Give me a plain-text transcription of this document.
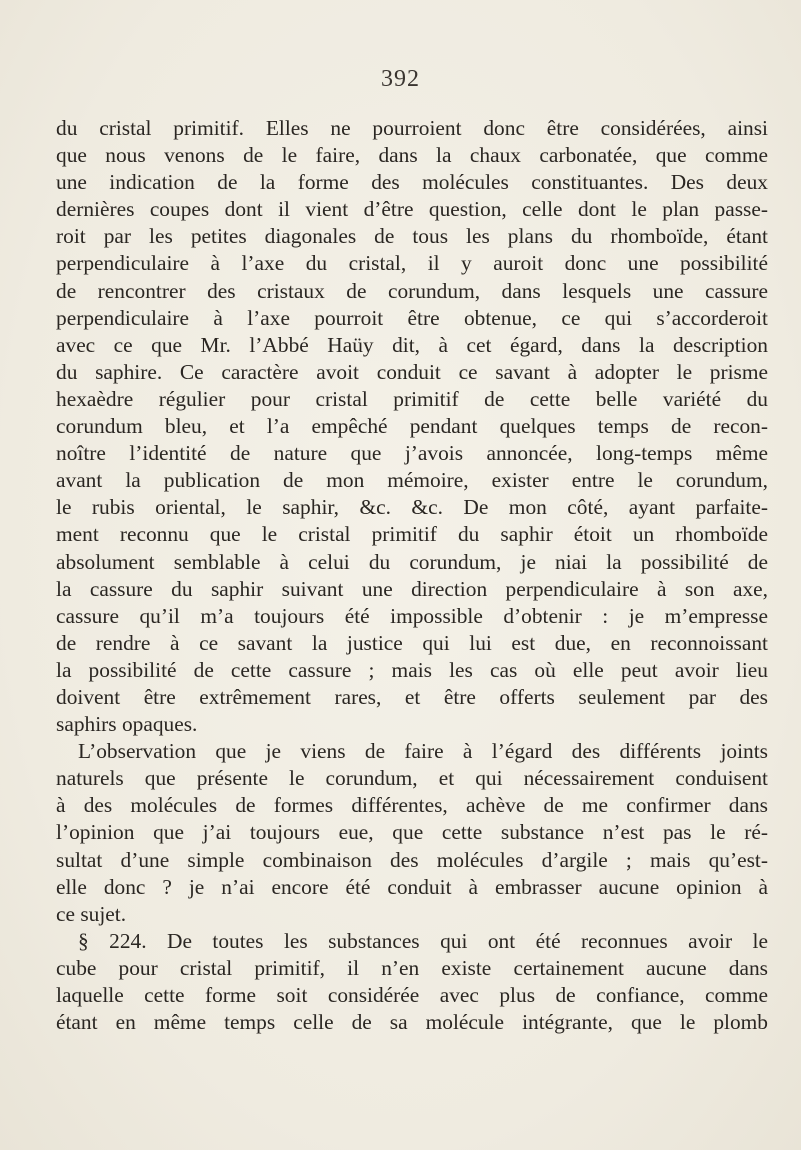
392
du cristal primitif. Elles ne pourroient donc être considérées, ainsi
que nous venons de le faire, dans la chaux carbonatée, que comme
une indication de la forme des molécules constituantes. Des deux
dernières coupes dont il vient d’être question, celle dont le plan passe-
roit par les petites diagonales de tous les plans du rhomboïde, étant
perpendiculaire à l’axe du cristal, il y auroit donc une possibilité
de rencontrer des cristaux de corundum, dans lesquels une cassure
perpendiculaire à l’axe pourroit être obtenue, ce qui s’accorderoit
avec ce que Mr. l’Abbé Haüy dit, à cet égard, dans la description
du saphire. Ce caractère avoit conduit ce savant à adopter le prisme
hexaèdre régulier pour cristal primitif de cette belle variété du
corundum bleu, et l’a empêché pendant quelques temps de recon-
noître l’identité de nature que j’avois annoncée, long-temps même
avant la publication de mon mémoire, exister entre le corundum,
le rubis oriental, le saphir, &c. &c. De mon côté, ayant parfaite-
ment reconnu que le cristal primitif du saphir étoit un rhomboïde
absolument semblable à celui du corundum, je niai la possibilité de
la cassure du saphir suivant une direction perpendiculaire à son axe,
cassure qu’il m’a toujours été impossible d’obtenir : je m’empresse
de rendre à ce savant la justice qui lui est due, en reconnoissant
la possibilité de cette cassure ; mais les cas où elle peut avoir lieu
doivent être extrêmement rares, et être offerts seulement par des
saphirs opaques.
L’observation que je viens de faire à l’égard des différents joints
naturels que présente le corundum, et qui nécessairement conduisent
à des molécules de formes différentes, achève de me confirmer dans
l’opinion que j’ai toujours eue, que cette substance n’est pas le ré-
sultat d’une simple combinaison des molécules d’argile ; mais qu’est-
elle donc ? je n’ai encore été conduit à embrasser aucune opinion à
ce sujet.
§ 224. De toutes les substances qui ont été reconnues avoir le
cube pour cristal primitif, il n’en existe certainement aucune dans
laquelle cette forme soit considérée avec plus de confiance, comme
étant en même temps celle de sa molécule intégrante, que le plomb
